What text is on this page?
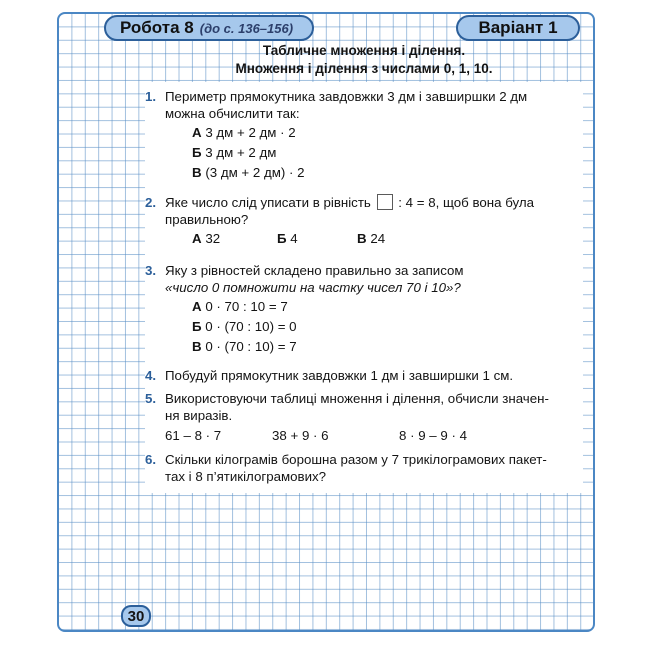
Робота 8 (до с. 136–156)	Варіант 1
Табличне множення і ділення.
Множення і ділення з числами 0, 1, 10.
1. Периметр прямокутника завдовжки 3 дм і завширшки 2 дм
можна обчислити так:
А 3 дм + 2 дм · 2
Б 3 дм + 2 дм
В (3 дм + 2 дм) · 2
2. Яке число слід уписати в рівність : 4 = 8, щоб вона була
правильною?
А 32	Б 4	В 24
3. Яку з рівностей складено правильно за записом
«число 0 помножити на частку чисел 70 і 10»?
А 0 · 70 : 10 = 7
Б 0 · (70 : 10) = 0
В 0 · (70 : 10) = 7
4. Побудуй прямокутник завдовжки 1 дм і завширшки 1 см.
5. Використовуючи таблиці множення і ділення, обчисли значен-
ня виразів.
61 – 8 · 7	38 + 9 · 6	8 · 9 – 9 · 4
6. Скільки кілограмів борошна разом у 7 трикілограмових пакет-
тах і 8 п’ятикілограмових?
30
